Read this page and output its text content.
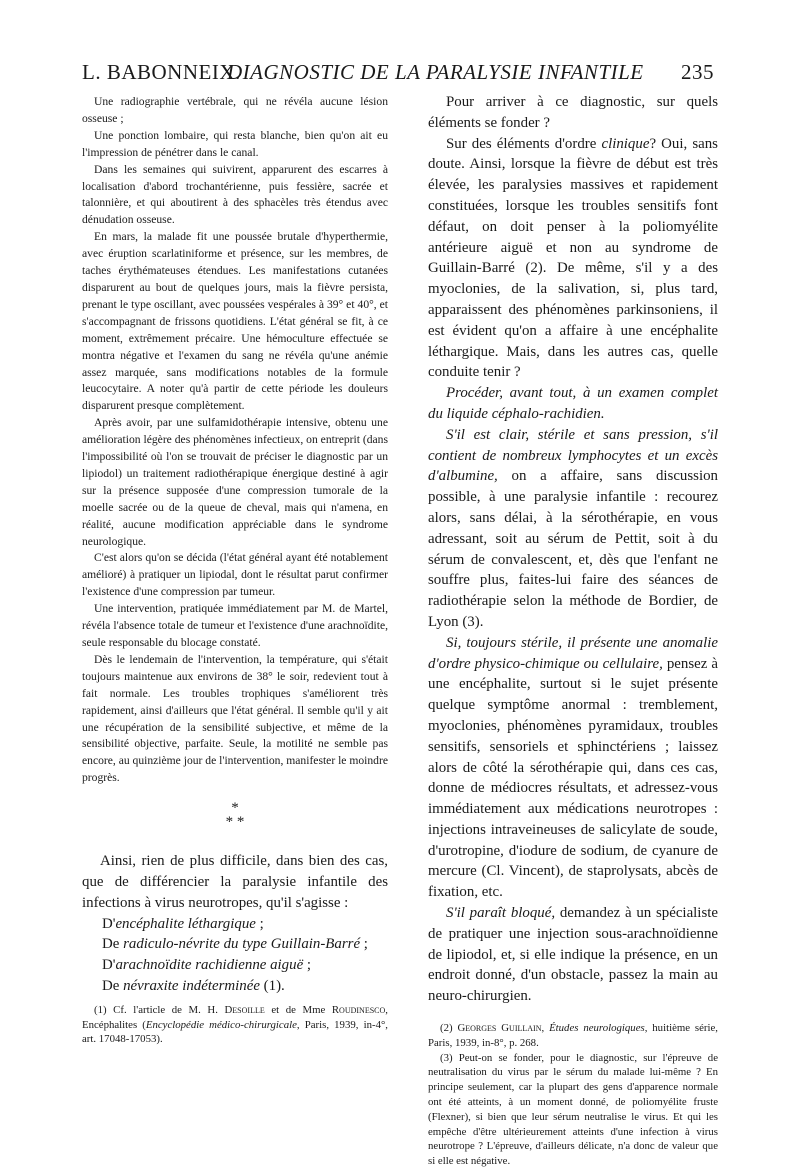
L. BABONNEIX.
DIAGNOSTIC DE LA PARALYSIE INFANTILE 235

Une radiographie vertébrale, qui ne révéla aucune lésion osseuse ;

Une ponction lombaire, qui resta blanche, bien qu'on ait eu l'impression de pénétrer dans le canal.

Dans les semaines qui suivirent, apparurent des escarres à localisation d'abord trochantérienne, puis fessière, sacrée et talonnière, et qui aboutirent à des sphacèles très étendus avec dénudation osseuse.

En mars, la malade fit une poussée brutale d'hyperthermie, avec éruption scarlatiniforme et présence, sur les membres, de taches érythémateuses étendues. Les manifestations cutanées disparurent au bout de quelques jours, mais la fièvre persista, prenant le type oscillant, avec poussées vespérales à 39° et 40°, et s'accompagnant de frissons quotidiens. L'état général se fit, à ce moment, extrêmement précaire. Une hémoculture effectuée se montra négative et l'examen du sang ne révéla qu'une anémie assez marquée, sans modifications notables de la formule leucocytaire. A noter qu'à partir de cette période les douleurs disparurent presque complètement.

Après avoir, par une sulfamidothérapie intensive, obtenu une amélioration légère des phénomènes infectieux, on entreprit (dans l'impossibilité où l'on se trouvait de préciser le diagnostic par un lipiodol) un traitement radiothérapique énergique destiné à agir sur la présence supposée d'une compression tumorale de la moelle sacrée ou de la queue de cheval, mais qui n'amena, en réalité, aucune modification appréciable dans le syndrome neurologique.

C'est alors qu'on se décida (l'état général ayant été notablement amélioré) à pratiquer un lipiodal, dont le résultat parut confirmer l'existence d'une compression par tumeur.

Une intervention, pratiquée immédiatement par M. de Martel, révéla l'absence totale de tumeur et l'existence d'une arachnoïdite, seule responsable du blocage constaté.

Dès le lendemain de l'intervention, la température, qui s'était toujours maintenue aux environs de 38° le soir, redevient tout à fait normale. Les troubles trophiques s'améliorent très rapidement, ainsi d'ailleurs que l'état général. Il semble qu'il y ait une récupération de la sensibilité subjective, et même de la sensibilité objective, parfaite. Seule, la motilité ne semble pas encore, au quinzième jour de l'intervention, manifester le moindre progrès.

*
* *

Ainsi, rien de plus difficile, dans bien des cas, que de différencier la paralysie infantile des infections à virus neurotropes, qu'il s'agisse :

D'encéphalite léthargique ;
De radiculo-névrite du type Guillain-Barré ;
D'arachnoïdite rachidienne aiguë ;
De névraxite indéterminée (1).

(1) Cf. l'article de M. H. Desoille et de Mme Roudinesco, Encéphalites (Encyclopédie médico-chirurgicale, Paris, 1939, in-4°, art. 17048-17053).

Pour arriver à ce diagnostic, sur quels éléments se fonder ?

Sur des éléments d'ordre clinique? Oui, sans doute. Ainsi, lorsque la fièvre de début est très élevée, les paralysies massives et rapidement constituées, lorsque les troubles sensitifs font défaut, on doit penser à la poliomyélite antérieure aiguë et non au syndrome de Guillain-Barré (2). De même, s'il y a des myoclonies, de la salivation, si, plus tard, apparaissent des phénomènes parkinsoniens, il est évident qu'on a affaire à une encéphalite léthargique. Mais, dans les autres cas, quelle conduite tenir ?

Procéder, avant tout, à un examen complet du liquide céphalo-rachidien.

S'il est clair, stérile et sans pression, s'il contient de nombreux lymphocytes et un excès d'albumine, on a affaire, sans discussion possible, à une paralysie infantile : recourez alors, sans délai, à la sérothérapie, en vous adressant, soit au sérum de Pettit, soit à du sérum de convalescent, et, dès que l'enfant ne souffre plus, faites-lui faire des séances de radiothérapie selon la méthode de Bordier, de Lyon (3).

Si, toujours stérile, il présente une anomalie d'ordre physico-chimique ou cellulaire, pensez à une encéphalite, surtout si le sujet présente quelque symptôme anormal : tremblement, myoclonies, phénomènes pyramidaux, troubles sensitifs, sensoriels et sphinctériens ; laissez alors de côté la sérothérapie qui, dans ces cas, donne de médiocres résultats, et adressez-vous immédiatement aux médications neurotropes : injections intraveineuses de salicylate de soude, d'urotropine, d'iodure de sodium, de cyanure de mercure (Cl. Vincent), de staprolysats, abcès de fixation, etc.

S'il paraît bloqué, demandez à un spécialiste de pratiquer une injection sous-arachnoïdienne de lipiodol, et, si elle indique la présence, en un endroit donné, d'un obstacle, passez la main au neuro-chirurgien.

(2) Georges Guillain, Études neurologiques, huitième série, Paris, 1939, in-8°, p. 268.

(3) Peut-on se fonder, pour le diagnostic, sur l'épreuve de neutralisation du virus par le sérum du malade lui-même ? En principe seulement, car la plupart des gens d'apparence normale ont été atteints, à un moment donné, de poliomyélite fruste (Flexner), si bien que leur sérum neutralise le virus. Et qui les empêche d'être ultérieurement atteints d'une infection à virus neurotrope ? L'épreuve, d'ailleurs délicate, n'a donc de valeur que si elle est négative.
